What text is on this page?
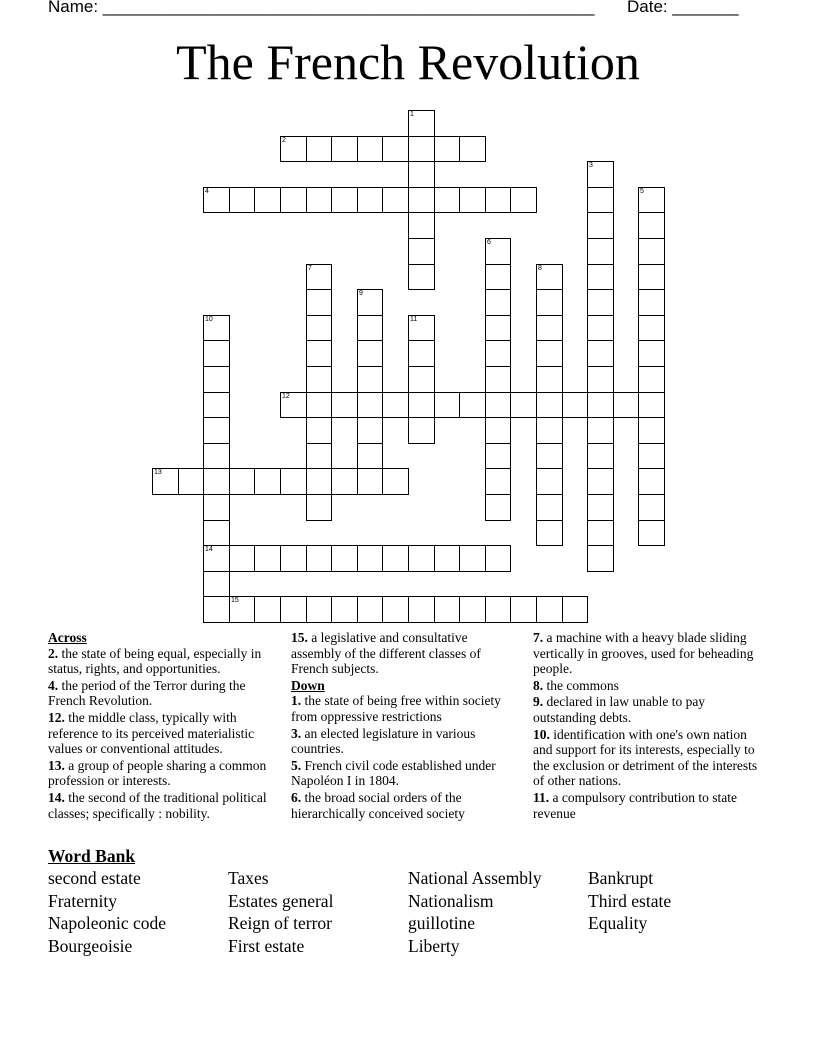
Name: ____________________________________________________ Date: _______
The French Revolution
1
2
3
4	5
6
7	8
9
10
14
11
12
13
15
Across
2. the state of being equal, especially in status, rights, and opportunities.
4. the period of the Terror during the French Revolution.
12. the middle class, typically with reference to its perceived materialistic values or conventional attitudes.
13. a group of people sharing a common profession or interests.
14. the second of the traditional political classes; specifically : nobility.
15. a legislative and consultative assembly of the different classes of French subjects.
Down
1. the state of being free within society from oppressive restrictions
3. an elected legislature in various countries.
5. French civil code established under Napoléon I in 1804.
6. the broad social orders of the hierarchically conceived society
7. a machine with a heavy blade sliding vertically in grooves, used for beheading people.
8. the commons
9. declared in law unable to pay outstanding debts.
10. identification with one's own nation and support for its interests, especially to the exclusion or detriment of the interests of other nations.
11. a compulsory contribution to state revenue
Word Bank
second estate	Taxes	National Assembly	Bankrupt
Fraternity	Estates general	Nationalism	Third estate
Napoleonic code	Reign of terror	guillotine	Equality
Bourgeoisie	First estate	Liberty
